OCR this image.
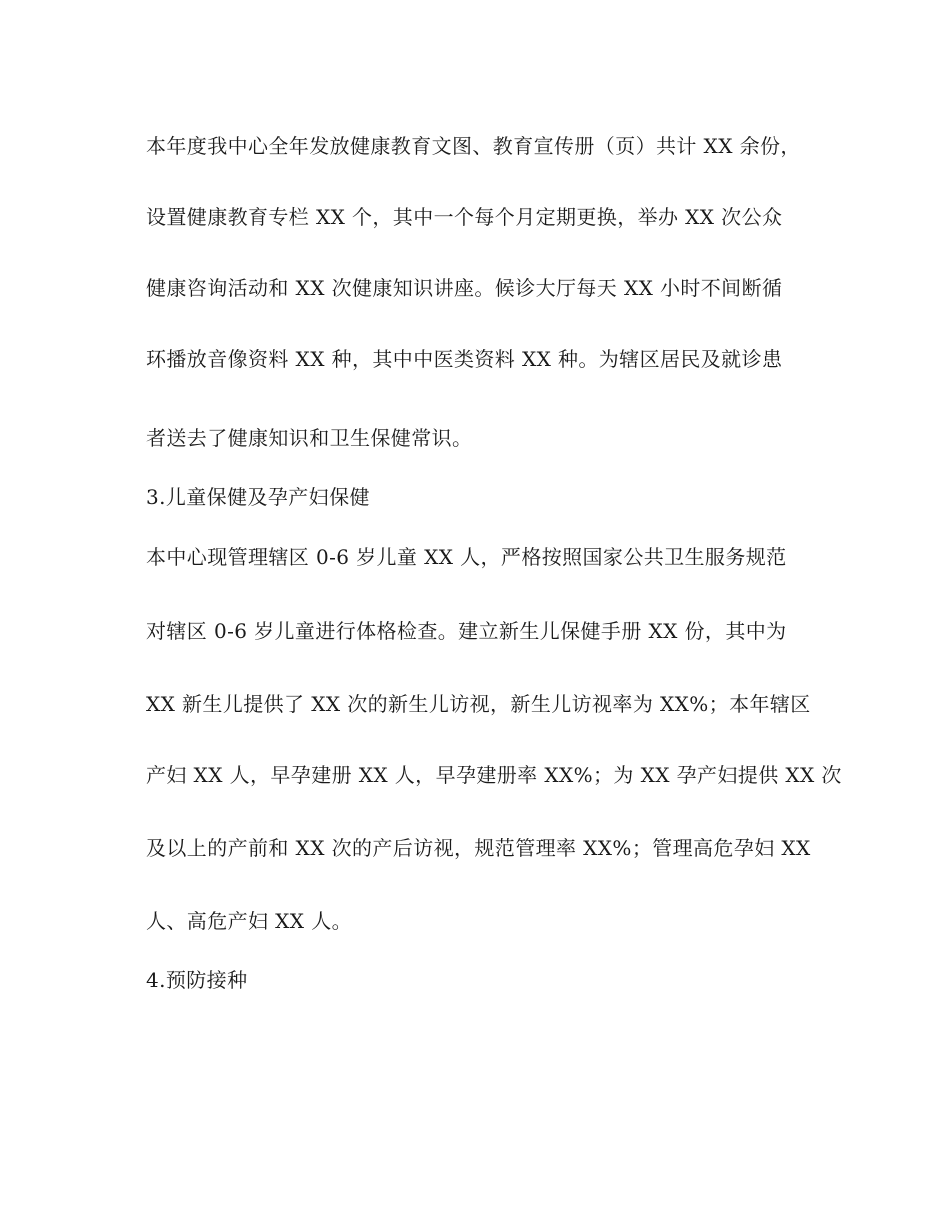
本年度我中心全年发放健康教育文图、教育宣传册（页）共计 XX 余份，
设置健康教育专栏 XX 个，其中一个每个月定期更换，举办 XX 次公众
健康咨询活动和 XX 次健康知识讲座。候诊大厅每天 XX 小时不间断循
环播放音像资料 XX 种，其中中医类资料 XX 种。为辖区居民及就诊患
者送去了健康知识和卫生保健常识。
3.儿童保健及孕产妇保健
本中心现管理辖区 0-6 岁儿童 XX 人，严格按照国家公共卫生服务规范
对辖区 0-6 岁儿童进行体格检查。建立新生儿保健手册 XX 份，其中为
XX 新生儿提供了 XX 次的新生儿访视，新生儿访视率为 XX%；本年辖区
产妇 XX 人，早孕建册 XX 人，早孕建册率 XX%；为 XX 孕产妇提供 XX 次
及以上的产前和 XX 次的产后访视，规范管理率 XX%；管理高危孕妇 XX
人、高危产妇 XX 人。
4.预防接种
